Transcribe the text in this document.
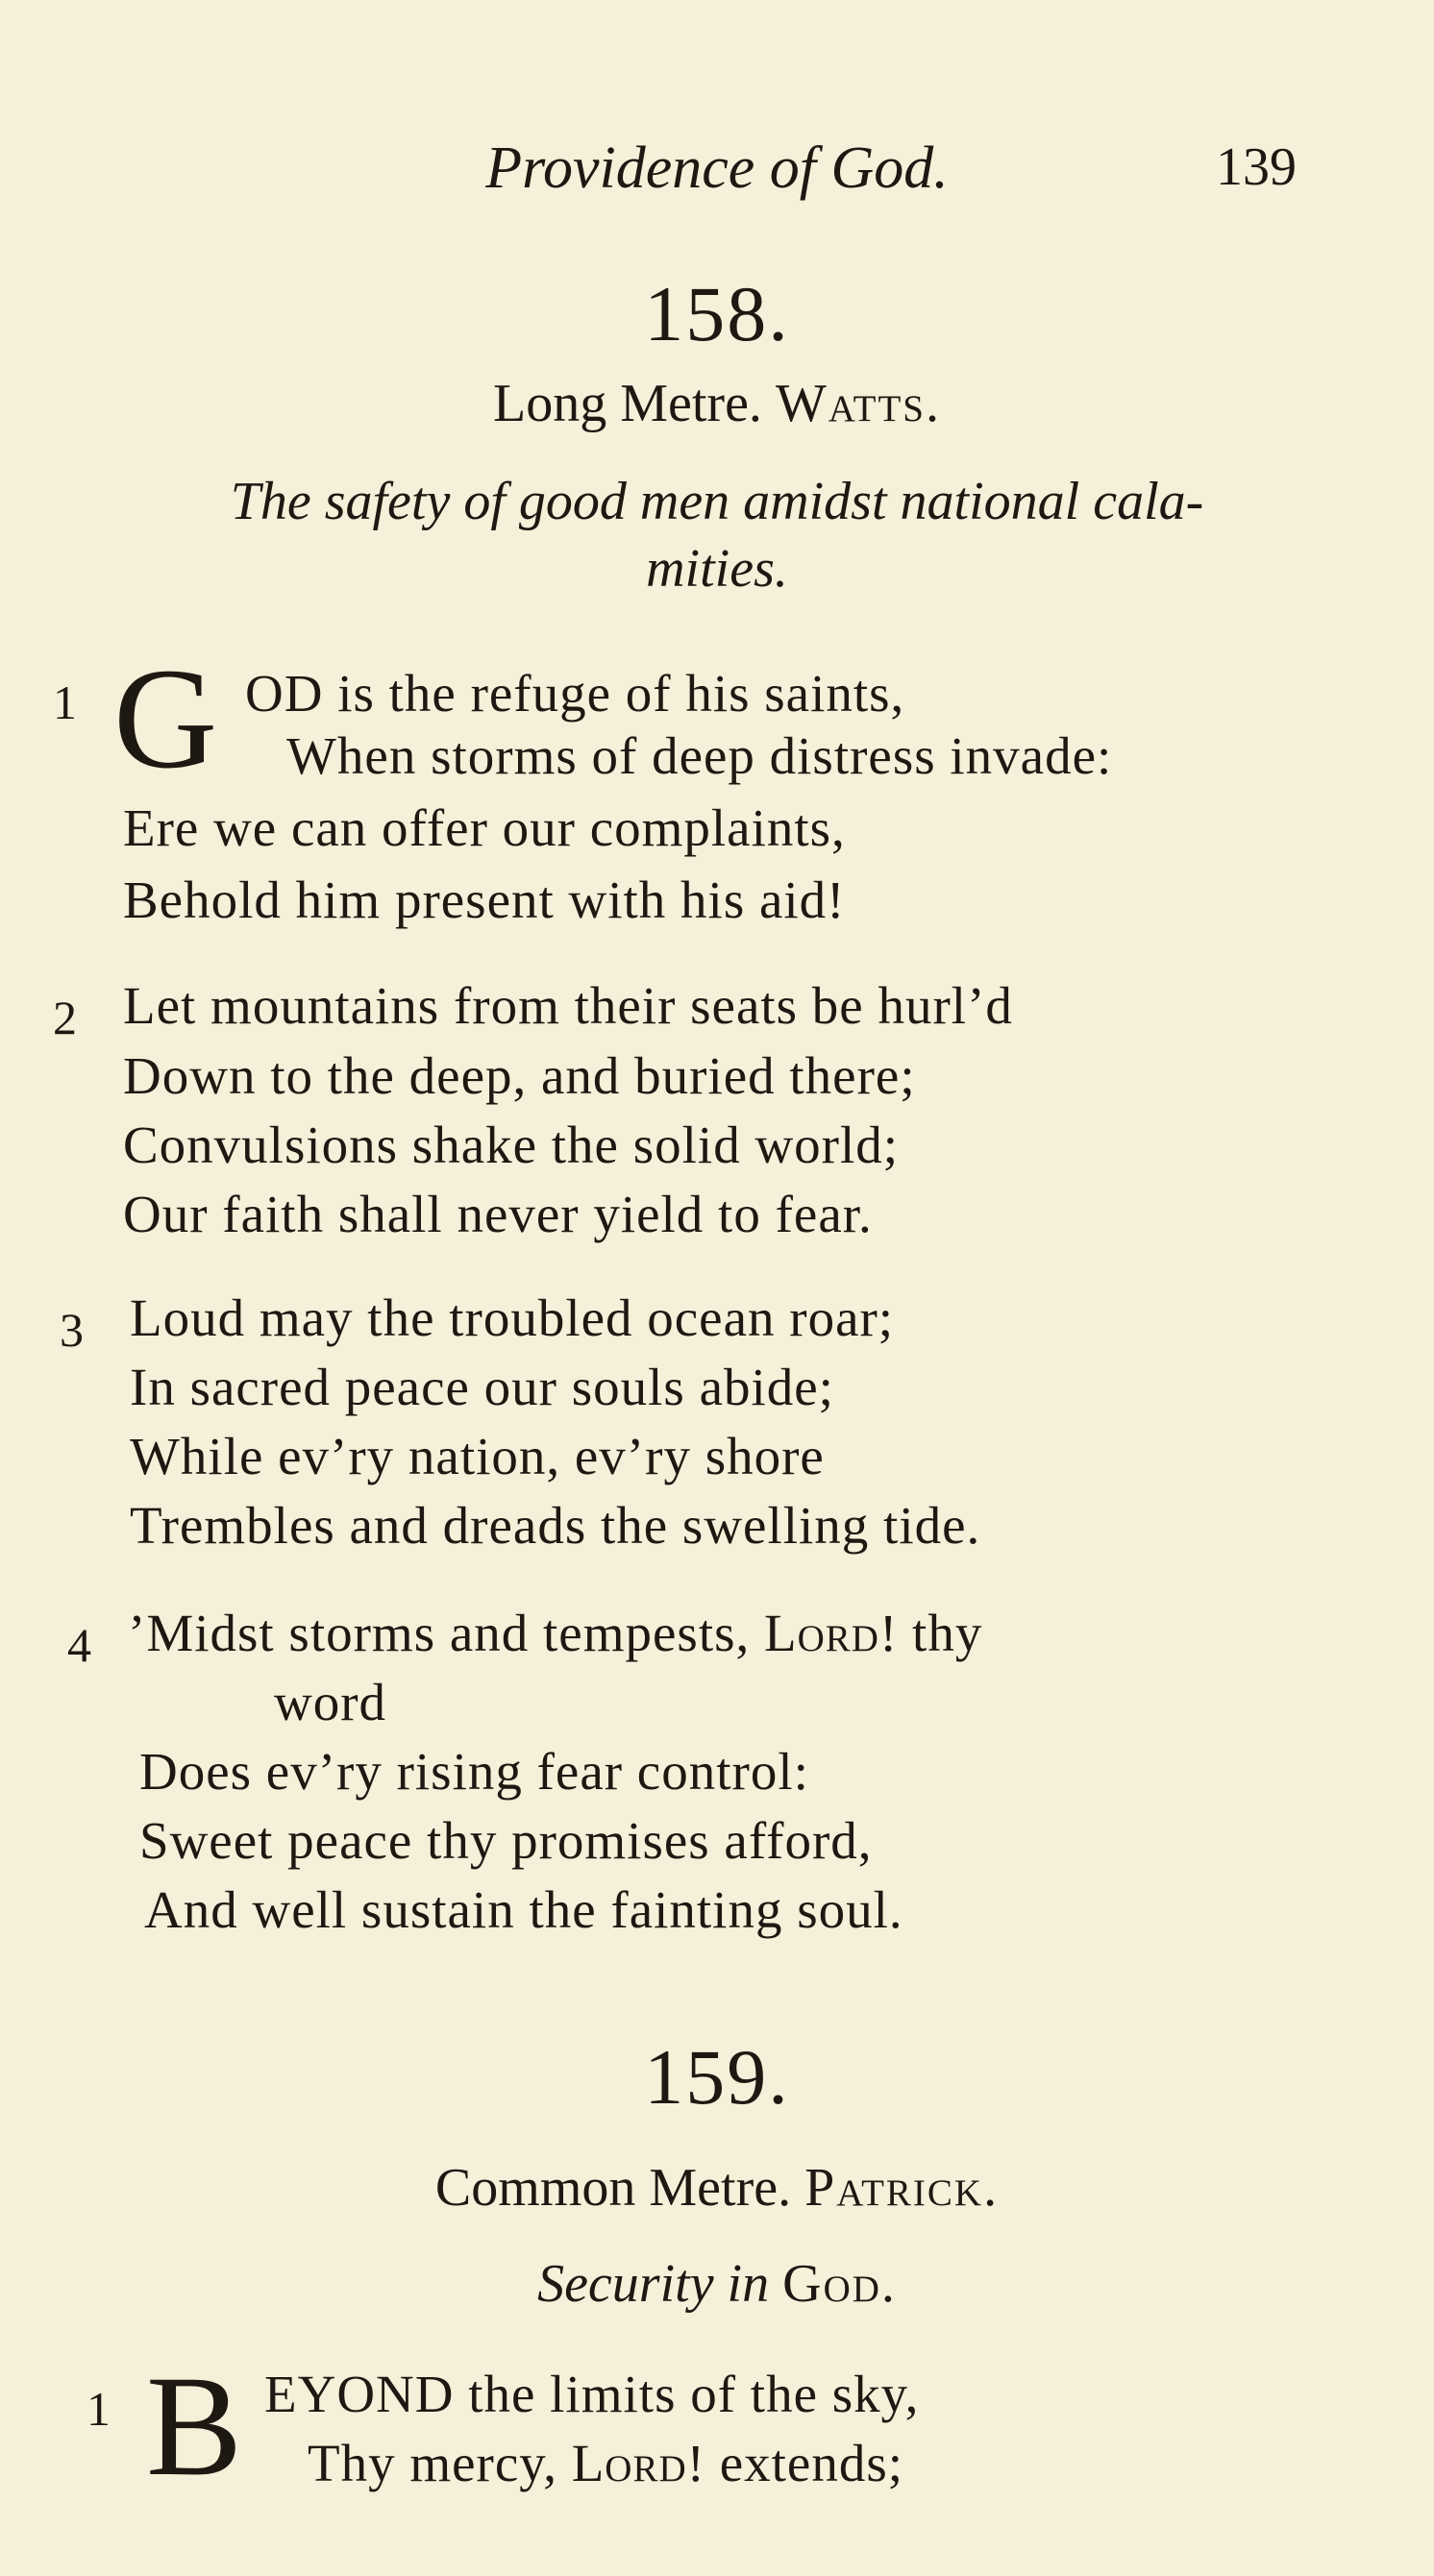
Providence of God.	139
158.
Long Metre. Watts.
The safety of good men amidst national cala-
mities.
1 G OD is the refuge of his saints,
When storms of deep distress invade:
Ere we can offer our complaints,
Behold him present with his aid!
2 Let mountains from their seats be hurl’d
Down to the deep, and buried there;
Convulsions shake the solid world;
Our faith shall never yield to fear.
3 Loud may the troubled ocean roar;
In sacred peace our souls abide;
While ev’ry nation, ev’ry shore
Trembles and dreads the swelling tide.
4 ’Midst storms and tempests, Lord! thy
word
Does ev’ry rising fear control:
Sweet peace thy promises afford,
And well sustain the fainting soul.
159.
Common Metre. Patrick.
Security in God.
1 B EYOND the limits of the sky,
Thy mercy, Lord! extends;
